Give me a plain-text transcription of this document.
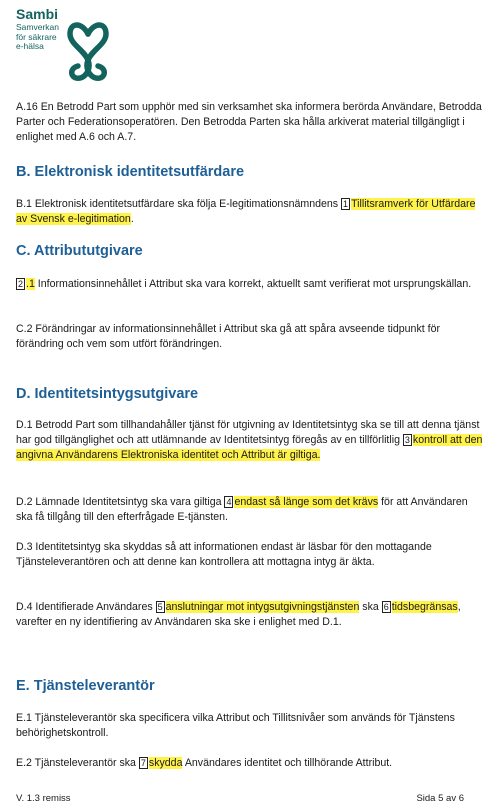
Sambi
Samverkan
för säkrare
e-hälsa
A.16 En Betrodd Part som upphör med sin verksamhet ska informera berörda Användare, Betrodda Parter och Federationsoperatören. Den Betrodda Parten ska hålla arkiverat material tillgängligt i enlighet med A.6 och A.7.
B. Elektronisk identitetsutfärdare
B.1 Elektronisk identitetsutfärdare ska följa E-legitimationsnämndens 1 Tillitsramverk för Utfärdare av Svensk e-legitimation.
C. Attribututgivare
2 .1 Informationsinnehållet i Attribut ska vara korrekt, aktuellt samt verifierat mot ursprungskällan.
C.2 Förändringar av informationsinnehållet i Attribut ska gå att spåra avseende tidpunkt för förändring och vem som utfört förändringen.
D. Identitetsintygsutgivare
D.1 Betrodd Part som tillhandahåller tjänst för utgivning av Identitetsintyg ska se till att denna tjänst har god tillgänglighet och att utlämnande av Identitetsintyg föregås av en tillförlitlig 3 kontroll att den angivna Användarens Elektroniska identitet och Attribut är giltiga.
D.2 Lämnade Identitetsintyg ska vara giltiga 4 endast så länge som det krävs för att Användaren ska få tillgång till den efterfrågade E-tjänsten.
D.3 Identitetsintyg ska skyddas så att informationen endast är läsbar för den mottagande Tjänsteleverantören och att denne kan kontrollera att mottagna intyg är äkta.
D.4 Identifierade Användares 5 anslutningar mot intygsutgivningstjänsten ska 6 tidsbegränsas, varefter en ny identifiering av Användaren ska ske i enlighet med D.1.
E. Tjänsteleverantör
E.1 Tjänsteleverantör ska specificera vilka Attribut och Tillitsnivåer som används för Tjänstens behörighetskontroll.
E.2 Tjänsteleverantör ska 7 skydda Användares identitet och tillhörande Attribut.
V. 1.3 remiss	Sida 5 av 6
